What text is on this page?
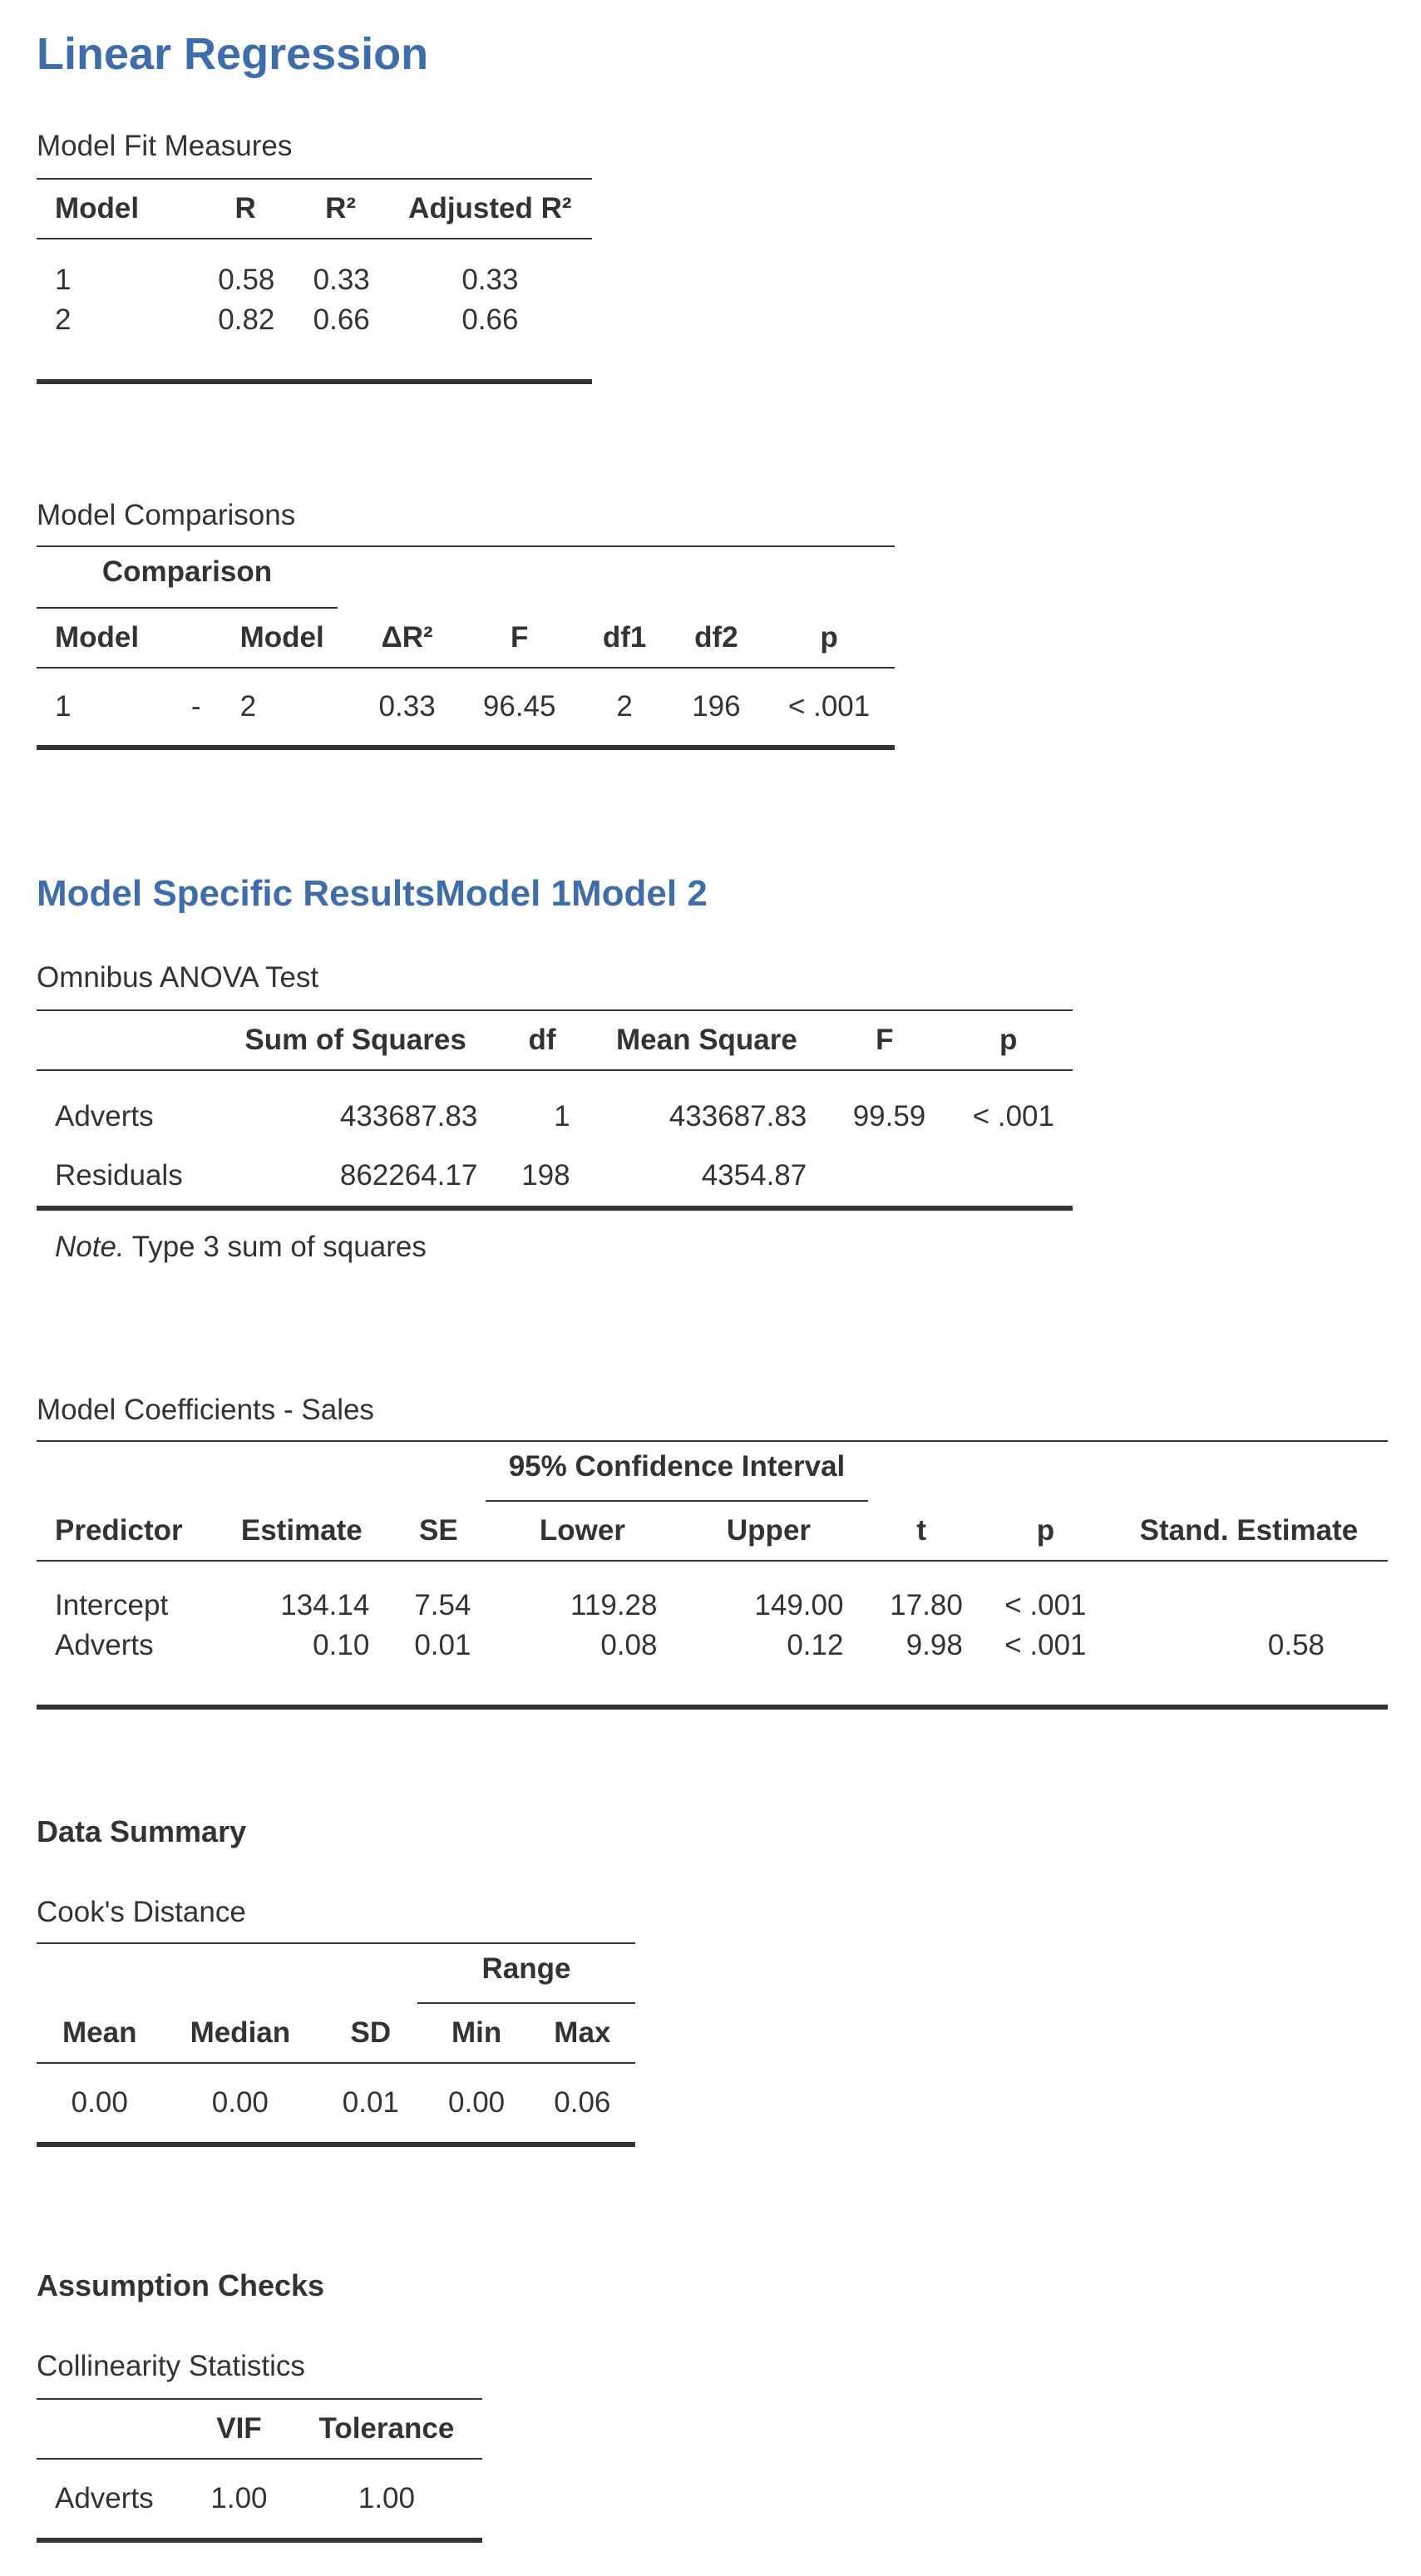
Linear Regression
Model Fit Measures
Model	R	R²	Adjusted R²
1	0.58	0.33	0.33
2	0.82	0.66	0.66

Model Comparisons
Comparison
Model		Model	ΔR²	F	df1	df2	p
1	-	2	0.33	96.45	2	196	< .001
Model Specific ResultsModel 1Model 2
Omnibus ANOVA Test
	Sum of Squares	df	Mean Square	F	p
Adverts	433687.83	1	433687.83	99.59	< .001
Residuals	862264.17	198	4354.87		
Note. Type 3 sum of squares
Model Coefficients - Sales
95% Confidence Interval
Predictor	Estimate	SE	Lower	Upper	t	p	Stand. Estimate
Intercept	134.14	7.54	119.28	149.00	17.80	< .001	
Adverts	0.10	0.01	0.08	0.12	9.98	< .001	0.58

Data Summary
Cook's Distance
Range
Mean	Median	SD	Min	Max
0.00	0.00	0.01	0.00	0.06
Assumption Checks
Collinearity Statistics
	VIF	Tolerance
Adverts	1.00	1.00
